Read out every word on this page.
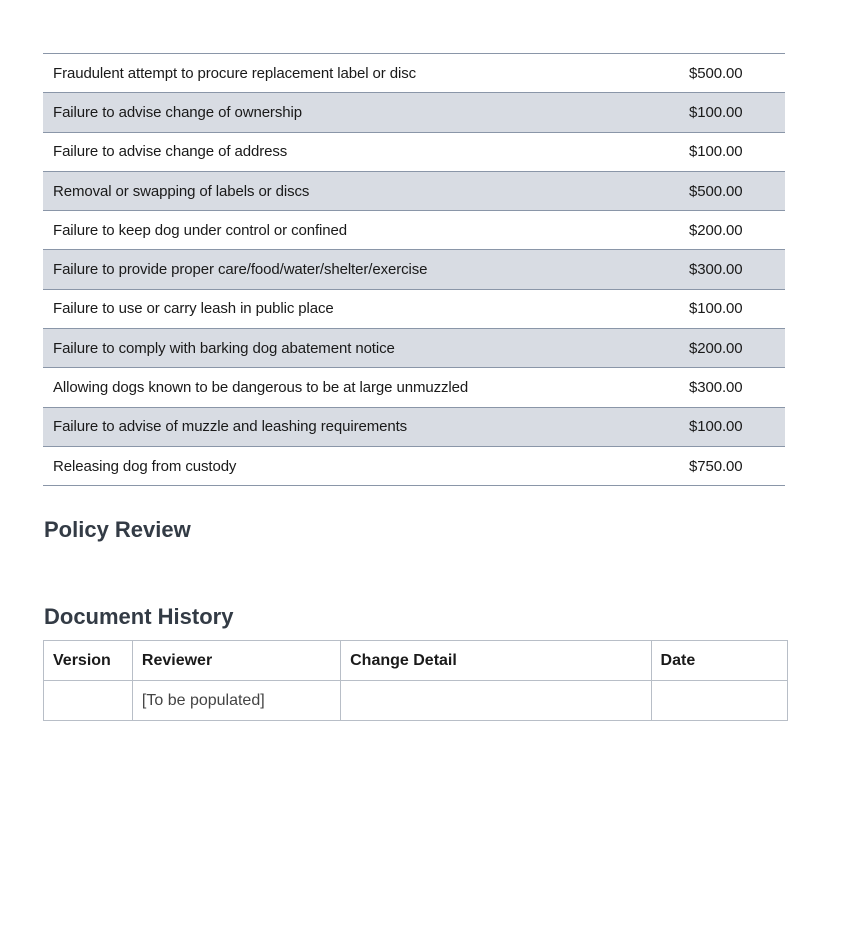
Fraudulent attempt to procure replacement label or disc	$500.00
Failure to advise change of ownership	$100.00
Failure to advise change of address	$100.00
Removal or swapping of labels or discs	$500.00
Failure to keep dog under control or confined	$200.00
Failure to provide proper care/food/water/shelter/exercise	$300.00
Failure to use or carry leash in public place	$100.00
Failure to comply with barking dog abatement notice	$200.00
Allowing dogs known to be dangerous to be at large unmuzzled	$300.00
Failure to advise of muzzle and leashing requirements	$100.00
Releasing dog from custody	$750.00
Policy Review
Document History
Version	Reviewer	Change Detail	Date
	[To be populated]		
